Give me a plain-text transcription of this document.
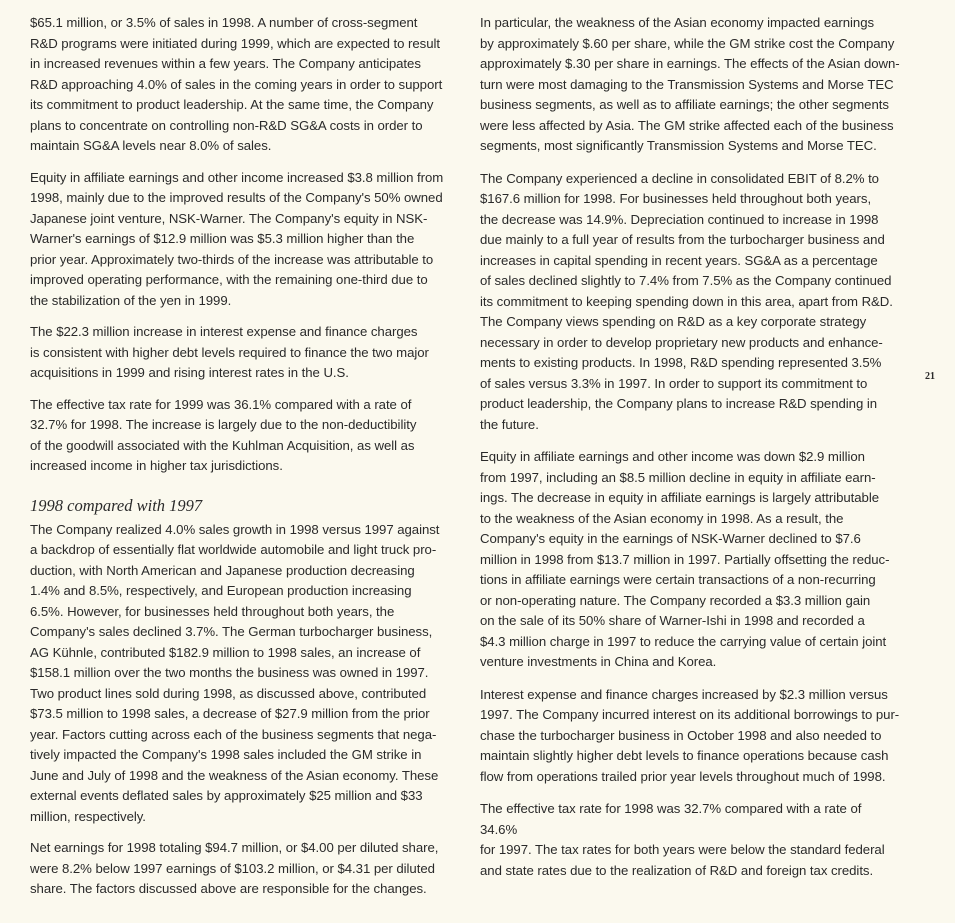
$65.1 million, or 3.5% of sales in 1998. A number of cross-segment
R&D programs were initiated during 1999, which are expected to result
in increased revenues within a few years. The Company anticipates
R&D approaching 4.0% of sales in the coming years in order to support
its commitment to product leadership. At the same time, the Company
plans to concentrate on controlling non-R&D SG&A costs in order to
maintain SG&A levels near 8.0% of sales.

Equity in affiliate earnings and other income increased $3.8 million from
1998, mainly due to the improved results of the Company's 50% owned
Japanese joint venture, NSK-Warner. The Company's equity in NSK-
Warner's earnings of $12.9 million was $5.3 million higher than the
prior year. Approximately two-thirds of the increase was attributable to
improved operating performance, with the remaining one-third due to
the stabilization of the yen in 1999.

The $22.3 million increase in interest expense and finance charges
is consistent with higher debt levels required to finance the two major
acquisitions in 1999 and rising interest rates in the U.S.

The effective tax rate for 1999 was 36.1% compared with a rate of
32.7% for 1998. The increase is largely due to the non-deductibility
of the goodwill associated with the Kuhlman Acquisition, as well as
increased income in higher tax jurisdictions.

1998 compared with 1997

The Company realized 4.0% sales growth in 1998 versus 1997 against
a backdrop of essentially flat worldwide automobile and light truck pro-
duction, with North American and Japanese production decreasing
1.4% and 8.5%, respectively, and European production increasing
6.5%. However, for businesses held throughout both years, the
Company's sales declined 3.7%. The German turbocharger business,
AG Kühnle, contributed $182.9 million to 1998 sales, an increase of
$158.1 million over the two months the business was owned in 1997.
Two product lines sold during 1998, as discussed above, contributed
$73.5 million to 1998 sales, a decrease of $27.9 million from the prior
year. Factors cutting across each of the business segments that nega-
tively impacted the Company's 1998 sales included the GM strike in
June and July of 1998 and the weakness of the Asian economy. These
external events deflated sales by approximately $25 million and $33
million, respectively.

Net earnings for 1998 totaling $94.7 million, or $4.00 per diluted share,
were 8.2% below 1997 earnings of $103.2 million, or $4.31 per diluted
share. The factors discussed above are responsible for the changes.

In particular, the weakness of the Asian economy impacted earnings
by approximately $.60 per share, while the GM strike cost the Company
approximately $.30 per share in earnings. The effects of the Asian down-
turn were most damaging to the Transmission Systems and Morse TEC
business segments, as well as to affiliate earnings; the other segments
were less affected by Asia. The GM strike affected each of the business
segments, most significantly Transmission Systems and Morse TEC.

The Company experienced a decline in consolidated EBIT of 8.2% to
$167.6 million for 1998. For businesses held throughout both years,
the decrease was 14.9%. Depreciation continued to increase in 1998
due mainly to a full year of results from the turbocharger business and
increases in capital spending in recent years. SG&A as a percentage
of sales declined slightly to 7.4% from 7.5% as the Company continued
its commitment to keeping spending down in this area, apart from R&D.
The Company views spending on R&D as a key corporate strategy
necessary in order to develop proprietary new products and enhance-
ments to existing products. In 1998, R&D spending represented 3.5%
of sales versus 3.3% in 1997. In order to support its commitment to
product leadership, the Company plans to increase R&D spending in
the future.

Equity in affiliate earnings and other income was down $2.9 million
from 1997, including an $8.5 million decline in equity in affiliate earn-
ings. The decrease in equity in affiliate earnings is largely attributable
to the weakness of the Asian economy in 1998. As a result, the
Company's equity in the earnings of NSK-Warner declined to $7.6
million in 1998 from $13.7 million in 1997. Partially offsetting the reduc-
tions in affiliate earnings were certain transactions of a non-recurring
or non-operating nature. The Company recorded a $3.3 million gain
on the sale of its 50% share of Warner-Ishi in 1998 and recorded a
$4.3 million charge in 1997 to reduce the carrying value of certain joint
venture investments in China and Korea.

Interest expense and finance charges increased by $2.3 million versus
1997. The Company incurred interest on its additional borrowings to pur-
chase the turbocharger business in October 1998 and also needed to
maintain slightly higher debt levels to finance operations because cash
flow from operations trailed prior year levels throughout much of 1998.

The effective tax rate for 1998 was 32.7% compared with a rate of 34.6%
for 1997. The tax rates for both years were below the standard federal
and state rates due to the realization of R&D and foreign tax credits.

21
